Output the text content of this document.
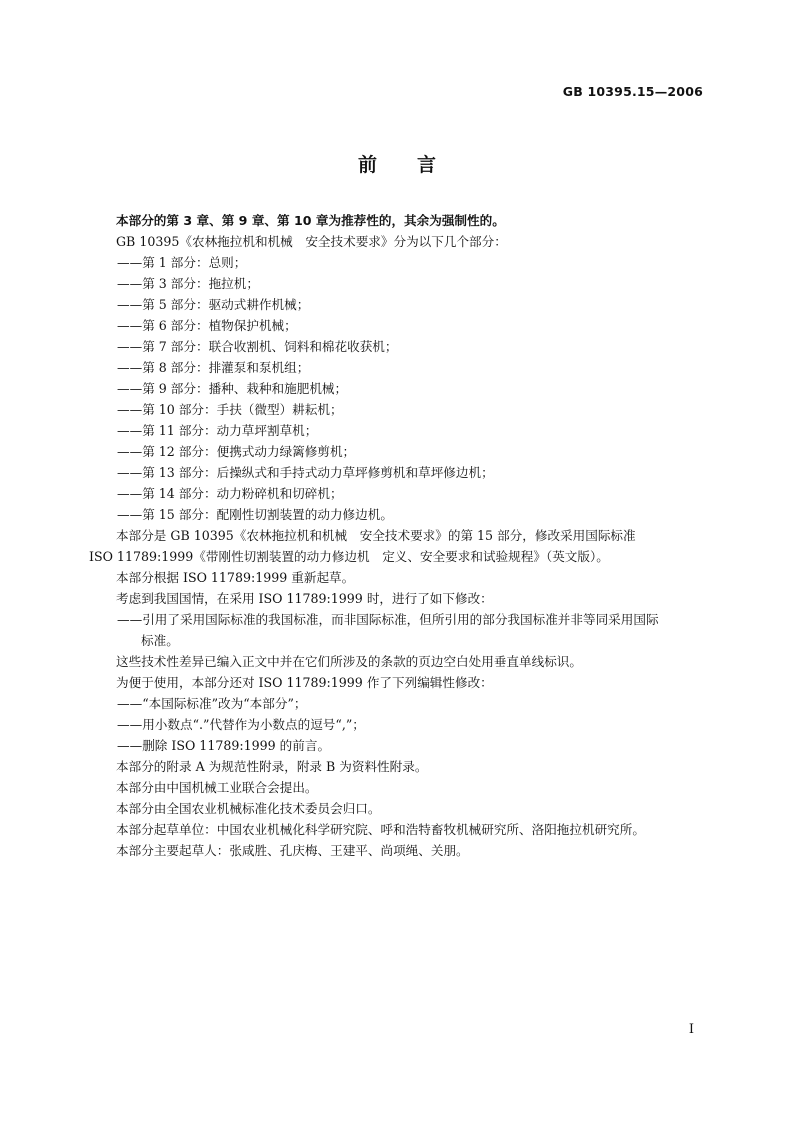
GB 10395.15—2006
前言

本部分的第 3 章、第 9 章、第 10 章为推荐性的，其余为强制性的。

GB 10395《农林拖拉机和机械　安全技术要求》分为以下几个部分：

——第 1 部分：总则；

——第 3 部分：拖拉机；

——第 5 部分：驱动式耕作机械；

——第 6 部分：植物保护机械；

——第 7 部分：联合收割机、饲料和棉花收获机；

——第 8 部分：排灌泵和泵机组；

——第 9 部分：播种、栽种和施肥机械；

——第 10 部分：手扶（微型）耕耘机；

——第 11 部分：动力草坪割草机；

——第 12 部分：便携式动力绿篱修剪机；

——第 13 部分：后操纵式和手持式动力草坪修剪机和草坪修边机；

——第 14 部分：动力粉碎机和切碎机；

——第 15 部分：配刚性切割装置的动力修边机。

本部分是 GB 10395《农林拖拉机和机械　安全技术要求》的第 15 部分，修改采用国际标准

ISO 11789:1999《带刚性切割装置的动力修边机　定义、安全要求和试验规程》（英文版）。

本部分根据 ISO 11789:1999 重新起草。

考虑到我国国情，在采用 ISO 11789:1999 时，进行了如下修改：

——引用了采用国际标准的我国标准，而非国际标准，但所引用的部分我国标准并非等同采用国际

标准。

这些技术性差异已编入正文中并在它们所涉及的条款的页边空白处用垂直单线标识。

为便于使用，本部分还对 ISO 11789:1999 作了下列编辑性修改：

——“本国际标准”改为“本部分”；

——用小数点“.”代替作为小数点的逗号“,”；

——删除 ISO 11789:1999 的前言。

本部分的附录 A 为规范性附录，附录 B 为资料性附录。

本部分由中国机械工业联合会提出。

本部分由全国农业机械标准化技术委员会归口。

本部分起草单位：中国农业机械化科学研究院、呼和浩特畜牧机械研究所、洛阳拖拉机研究所。

本部分主要起草人：张咸胜、孔庆梅、王建平、尚项绳、关朋。

I
